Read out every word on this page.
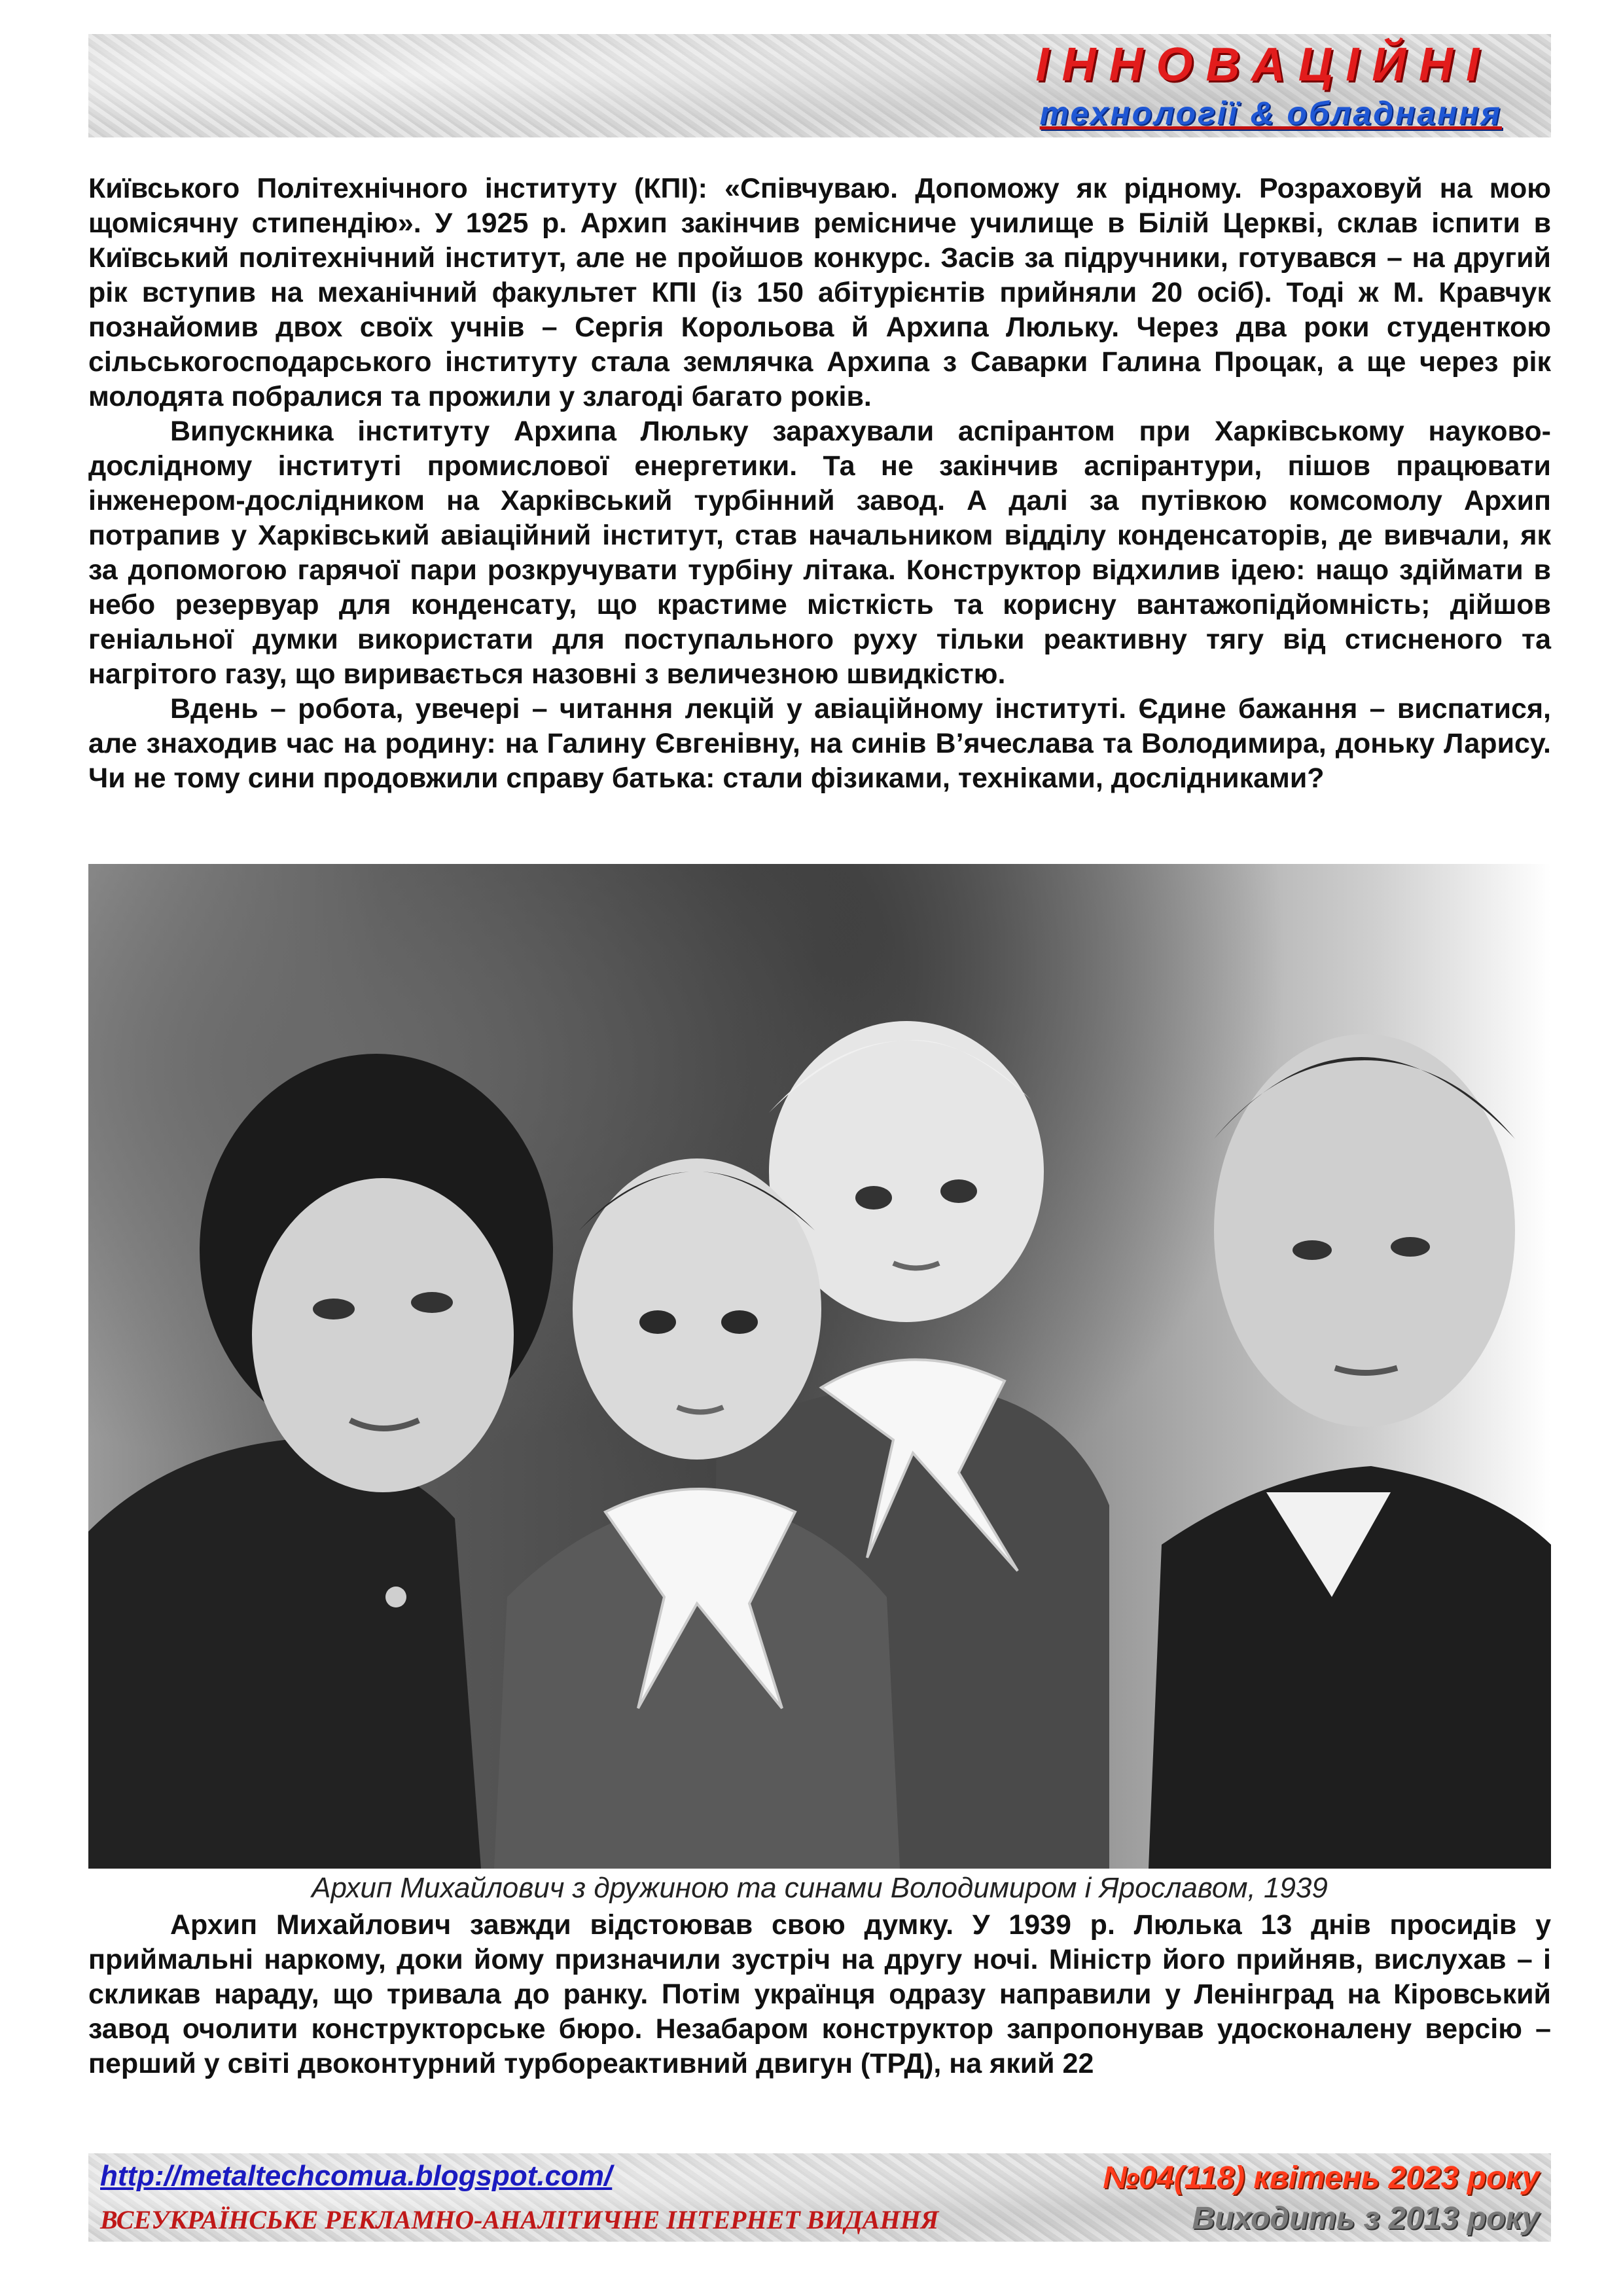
ІННОВАЦІЙНІ
технології & обладнання

Київського Політехнічного інституту (КПІ): «Співчуваю. Допоможу як рідному. Розраховуй на мою щомісячну стипендію». У 1925 р. Архип закінчив ремісниче училище в Білій Церкві, склав іспити в Київський політехнічний інститут, але не пройшов конкурс. Засів за підручники, готувався – на другий рік вступив на механічний факультет КПІ (із 150 абітурієнтів прийняли 20 осіб). Тоді ж М. Кравчук познайомив двох своїх учнів – Сергія Корольова й Архипа Люльку. Через два роки студенткою сільськогосподарського інституту стала землячка Архипа з Саварки Галина Процак, а ще через рік молодята побралися та прожили у злагоді багато років.

Випускника інституту Архипа Люльку зарахували аспірантом при Харківському науково-дослідному інституті промислової енергетики. Та не закінчив аспірантури, пішов працювати інженером-дослідником на Харківський турбінний завод. А далі за путівкою комсомолу Архип потрапив у Харківський авіаційний інститут, став начальником відділу конденсаторів, де вивчали, як за допомогою гарячої пари розкручувати турбіну літака. Конструктор відхилив ідею: нащо здіймати в небо резервуар для конденсату, що крастиме місткість та корисну вантажопідйомність; дійшов геніальної думки використати для поступального руху тільки реактивну тягу від стисненого та нагрітого газу, що виривається назовні з величезною швидкістю.

Вдень – робота, увечері – читання лекцій у авіаційному інституті. Єдине бажання – виспатися, але знаходив час на родину: на Галину Євгенівну, на синів В’ячеслава та Володимира, доньку Ларису. Чи не тому сини продовжили справу батька: стали фізиками, техніками, дослідниками?

Архип Михайлович з дружиною та синами Володимиром і Ярославом, 1939

Архип Михайлович завжди відстоював свою думку. У 1939 р. Люлька 13 днів просидів у приймальні наркому, доки йому призначили зустріч на другу ночі. Міністр його прийняв, вислухав – і скликав нараду, що тривала до ранку. Потім українця одразу направили у Ленінград на Кіровський завод очолити конструкторське бюро. Незабаром конструктор запропонував удосконалену версію – перший у світі двоконтурний турбореактивний двигун (ТРД), на який 22

http://metaltechcomua.blogspot.com/
ВСЕУКРАЇНСЬКЕ РЕКЛАМНО-АНАЛІТИЧНЕ ІНТЕРНЕТ ВИДАННЯ
№04(118) квітень 2023 року
Виходить з 2013 року
